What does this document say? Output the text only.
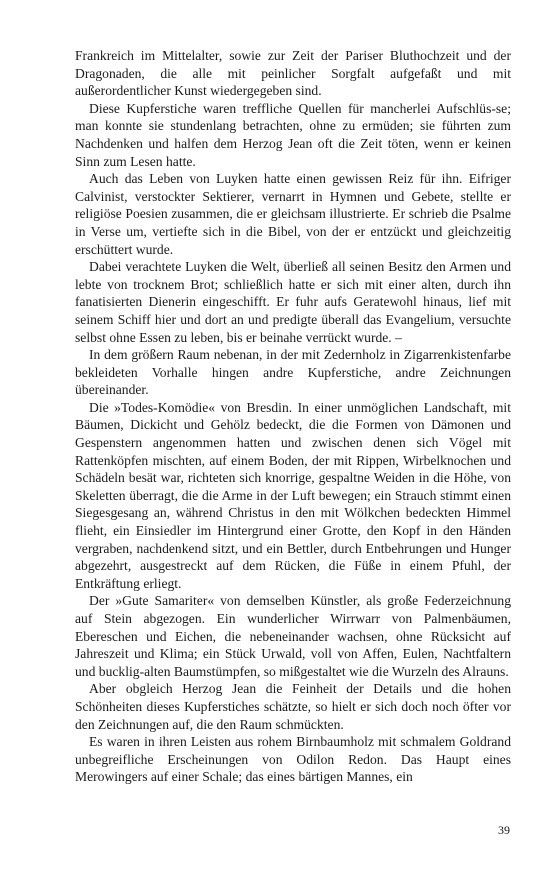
Frankreich im Mittelalter, sowie zur Zeit der Pariser Bluthochzeit und der Dragonaden, die alle mit peinlicher Sorgfalt aufgefaßt und mit außerordentlicher Kunst wiedergegeben sind.

Diese Kupferstiche waren treffliche Quellen für mancherlei Aufschlüs-se; man konnte sie stundenlang betrachten, ohne zu ermüden; sie führten zum Nachdenken und halfen dem Herzog Jean oft die Zeit töten, wenn er keinen Sinn zum Lesen hatte.

Auch das Leben von Luyken hatte einen gewissen Reiz für ihn. Eifriger Calvinist, verstockter Sektierer, vernarrt in Hymnen und Gebete, stellte er religiöse Poesien zusammen, die er gleichsam illustrierte. Er schrieb die Psalme in Verse um, vertiefte sich in die Bibel, von der er entzückt und gleichzeitig erschüttert wurde.

Dabei verachtete Luyken die Welt, überließ all seinen Besitz den Armen und lebte von trocknem Brot; schließlich hatte er sich mit einer alten, durch ihn fanatisierten Dienerin eingeschifft. Er fuhr aufs Geratewohl hinaus, lief mit seinem Schiff hier und dort an und predigte überall das Evangelium, versuchte selbst ohne Essen zu leben, bis er beinahe verrückt wurde. –

In dem größern Raum nebenan, in der mit Zedernholz in Zigarrenkistenfarbe bekleideten Vorhalle hingen andre Kupferstiche, andre Zeichnungen übereinander.

Die »Todes-Komödie« von Bresdin. In einer unmöglichen Landschaft, mit Bäumen, Dickicht und Gehölz bedeckt, die die Formen von Dämonen und Gespenstern angenommen hatten und zwischen denen sich Vögel mit Rattenköpfen mischten, auf einem Boden, der mit Rippen, Wirbelknochen und Schädeln besät war, richteten sich knorrige, gespaltne Weiden in die Höhe, von Skeletten überragt, die die Arme in der Luft bewegen; ein Strauch stimmt einen Siegesgesang an, während Christus in den mit Wölkchen bedeckten Himmel flieht, ein Einsiedler im Hintergrund einer Grotte, den Kopf in den Händen vergraben, nachdenkend sitzt, und ein Bettler, durch Entbehrungen und Hunger abgezehrt, ausgestreckt auf dem Rücken, die Füße in einem Pfuhl, der Entkräftung erliegt.

Der »Gute Samariter« von demselben Künstler, als große Federzeichnung auf Stein abgezogen. Ein wunderlicher Wirrwarr von Palmenbäumen, Ebereschen und Eichen, die nebeneinander wachsen, ohne Rücksicht auf Jahreszeit und Klima; ein Stück Urwald, voll von Affen, Eulen, Nachtfaltern und bucklig-alten Baumstümpfen, so mißgestaltet wie die Wurzeln des Alrauns.

Aber obgleich Herzog Jean die Feinheit der Details und die hohen Schönheiten dieses Kupferstiches schätzte, so hielt er sich doch noch öfter vor den Zeichnungen auf, die den Raum schmückten.

Es waren in ihren Leisten aus rohem Birnbaumholz mit schmalem Goldrand unbegreifliche Erscheinungen von Odilon Redon. Das Haupt eines Merowingers auf einer Schale; das eines bärtigen Mannes, ein

39
